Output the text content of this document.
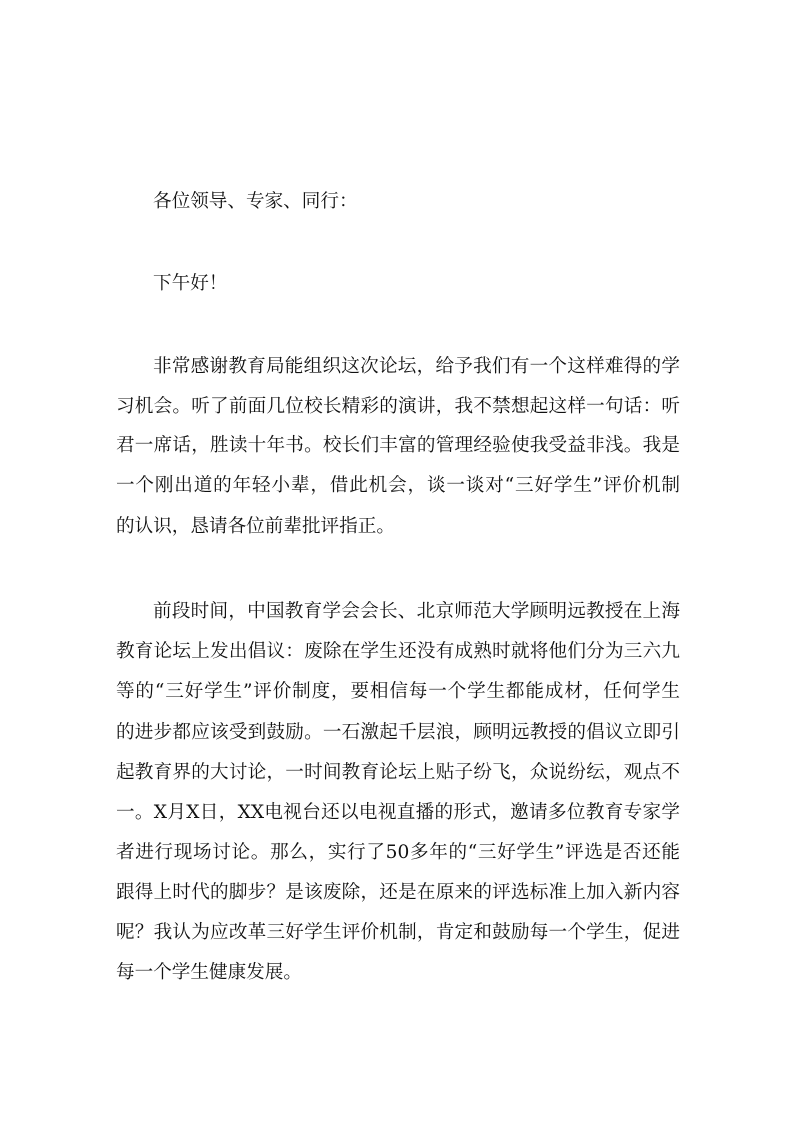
各位领导、专家、同行：
下午好！
非常感谢教育局能组织这次论坛，给予我们有一个这样难得的学
习机会。听了前面几位校长精彩的演讲，我不禁想起这样一句话：听
君一席话，胜读十年书。校长们丰富的管理经验使我受益非浅。我是
一个刚出道的年轻小辈，借此机会，谈一谈对“三好学生”评价机制
的认识，恳请各位前辈批评指正。
前段时间，中国教育学会会长、北京师范大学顾明远教授在上海
教育论坛上发出倡议：废除在学生还没有成熟时就将他们分为三六九
等的“三好学生”评价制度，要相信每一个学生都能成材，任何学生
的进步都应该受到鼓励。一石激起千层浪，顾明远教授的倡议立即引
起教育界的大讨论，一时间教育论坛上贴子纷飞，众说纷纭，观点不
一。X月X日，XX电视台还以电视直播的形式，邀请多位教育专家学
者进行现场讨论。那么，实行了50多年的“三好学生”评选是否还能
跟得上时代的脚步？是该废除，还是在原来的评选标准上加入新内容
呢？我认为应改革三好学生评价机制，肯定和鼓励每一个学生，促进
每一个学生健康发展。
